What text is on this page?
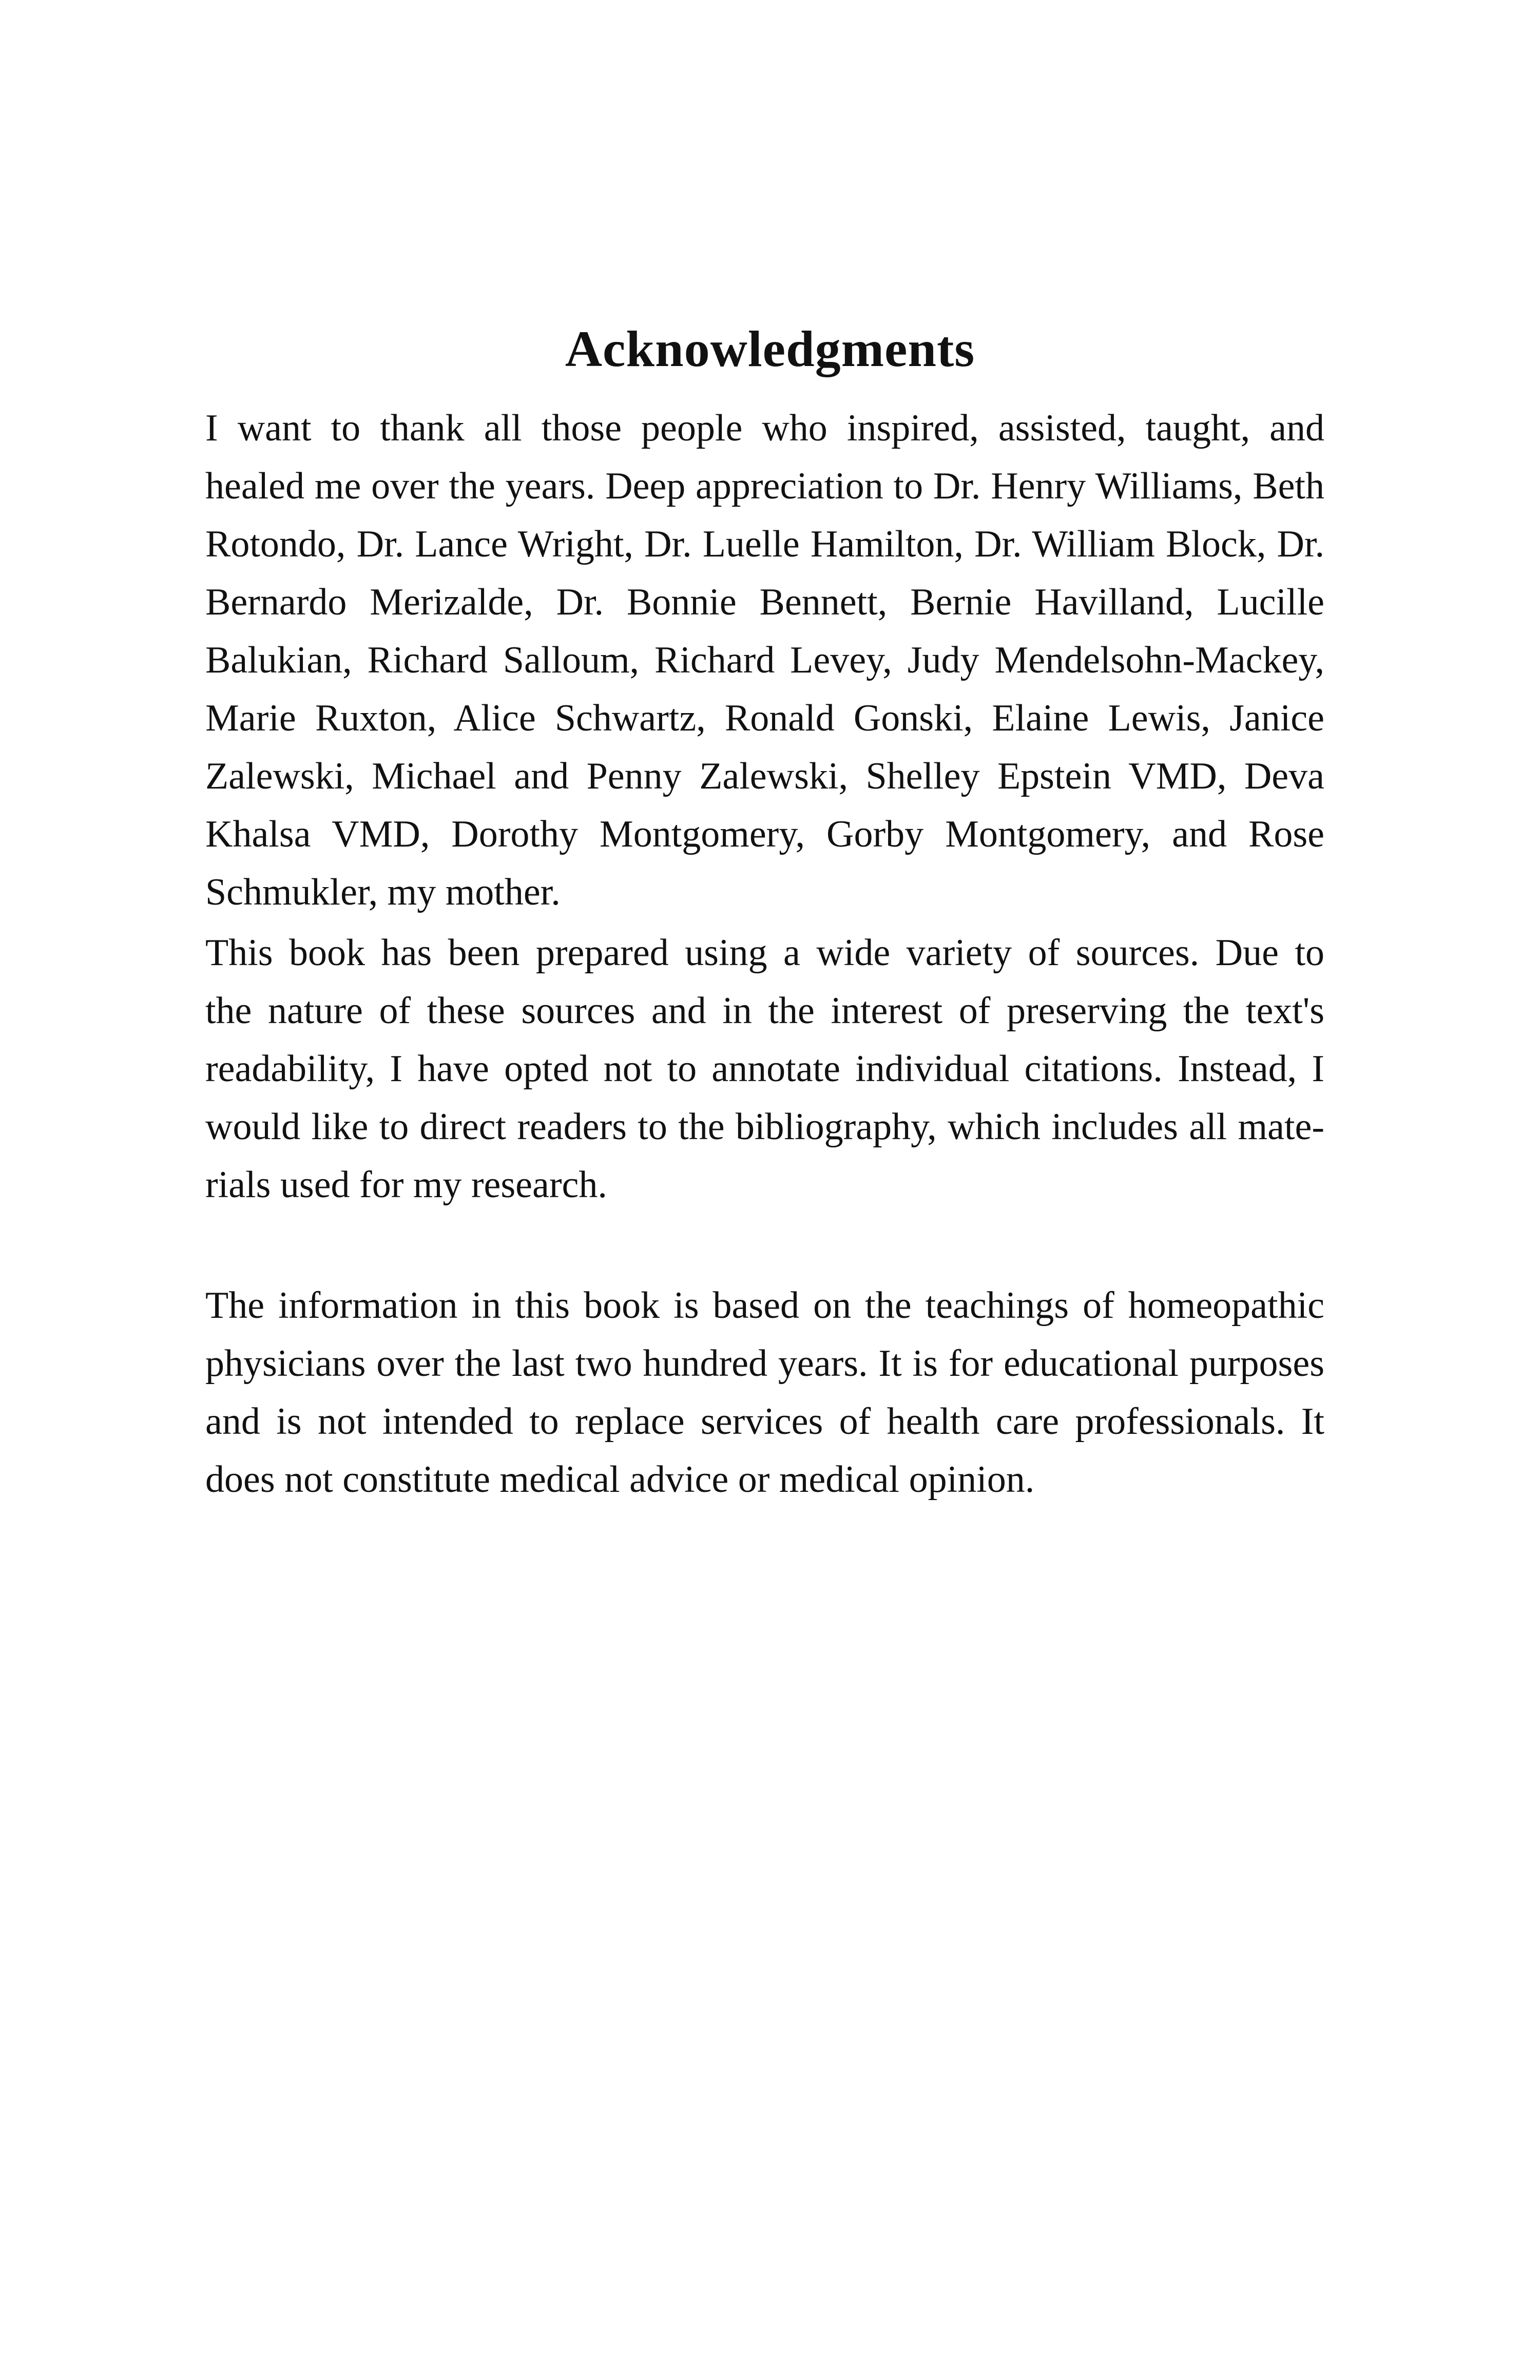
Acknowledgments
I want to thank all those people who inspired, assisted, taught, and
healed me over the years. Deep appreciation to Dr. Henry Williams, Beth
Rotondo, Dr. Lance Wright, Dr. Luelle Hamilton, Dr. William Block, Dr.
Bernardo Merizalde, Dr. Bonnie Bennett, Bernie Havilland, Lucille
Balukian, Richard Salloum, Richard Levey, Judy Mendelsohn-Mackey,
Marie Ruxton, Alice Schwartz, Ronald Gonski, Elaine Lewis, Janice
Zalewski, Michael and Penny Zalewski, Shelley Epstein VMD, Deva
Khalsa VMD, Dorothy Montgomery, Gorby Montgomery, and Rose
Schmukler, my mother.
This book has been prepared using a wide variety of sources. Due to
the nature of these sources and in the interest of preserving the text's
readability, I have opted not to annotate individual citations. Instead, I
would like to direct readers to the bibliography, which includes all mate-
rials used for my research.
The information in this book is based on the teachings of homeopathic
physicians over the last two hundred years. It is for educational purposes
and is not intended to replace services of health care professionals. It
does not constitute medical advice or medical opinion.
